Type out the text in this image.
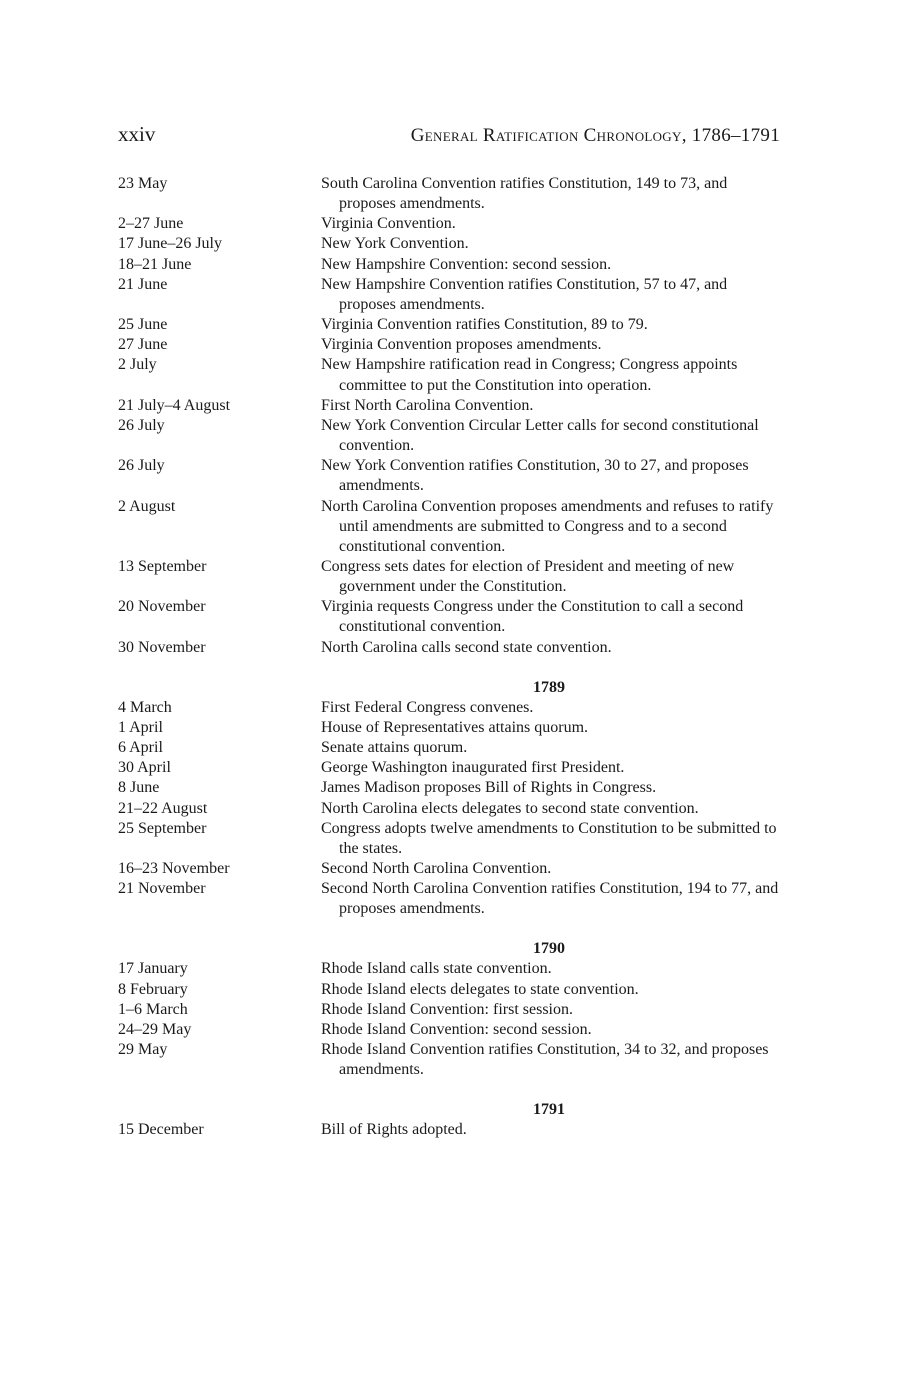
xxiv	General Ratification Chronology, 1786–1791
23 May	South Carolina Convention ratifies Constitution, 149 to 73, and proposes amendments.
2–27 June	Virginia Convention.
17 June–26 July	New York Convention.
18–21 June	New Hampshire Convention: second session.
21 June	New Hampshire Convention ratifies Constitution, 57 to 47, and proposes amendments.
25 June	Virginia Convention ratifies Constitution, 89 to 79.
27 June	Virginia Convention proposes amendments.
2 July	New Hampshire ratification read in Congress; Congress appoints committee to put the Constitution into operation.
21 July–4 August	First North Carolina Convention.
26 July	New York Convention Circular Letter calls for second constitutional convention.
26 July	New York Convention ratifies Constitution, 30 to 27, and proposes amendments.
2 August	North Carolina Convention proposes amendments and refuses to ratify until amendments are submitted to Congress and to a second constitutional convention.
13 September	Congress sets dates for election of President and meeting of new government under the Constitution.
20 November	Virginia requests Congress under the Constitution to call a second constitutional convention.
30 November	North Carolina calls second state convention.
1789
4 March	First Federal Congress convenes.
1 April	House of Representatives attains quorum.
6 April	Senate attains quorum.
30 April	George Washington inaugurated first President.
8 June	James Madison proposes Bill of Rights in Congress.
21–22 August	North Carolina elects delegates to second state convention.
25 September	Congress adopts twelve amendments to Constitution to be submitted to the states.
16–23 November	Second North Carolina Convention.
21 November	Second North Carolina Convention ratifies Constitution, 194 to 77, and proposes amendments.
1790
17 January	Rhode Island calls state convention.
8 February	Rhode Island elects delegates to state convention.
1–6 March	Rhode Island Convention: first session.
24–29 May	Rhode Island Convention: second session.
29 May	Rhode Island Convention ratifies Constitution, 34 to 32, and proposes amendments.
1791
15 December	Bill of Rights adopted.
